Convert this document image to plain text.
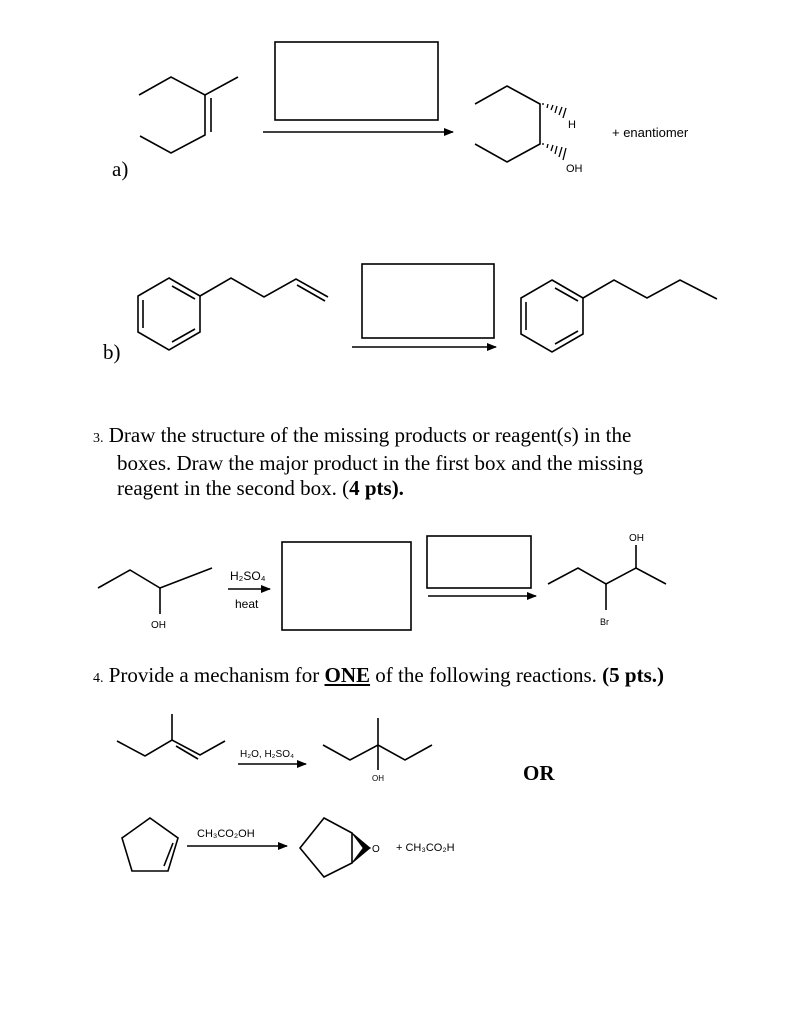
H
OH
+ enantiomer
a)
b)
OH
H₂SO₄
heat
OH
Br
H₂O, H₂SO₄
OH	OR
CH₃CO₂OH
O + CH₃CO₂H
3. Draw the structure of the missing products or reagent(s) in the
boxes. Draw the major product in the first box and the missing
reagent in the second box. (4 pts).
4. Provide a mechanism for ONE of the following reactions. (5 pts.)
